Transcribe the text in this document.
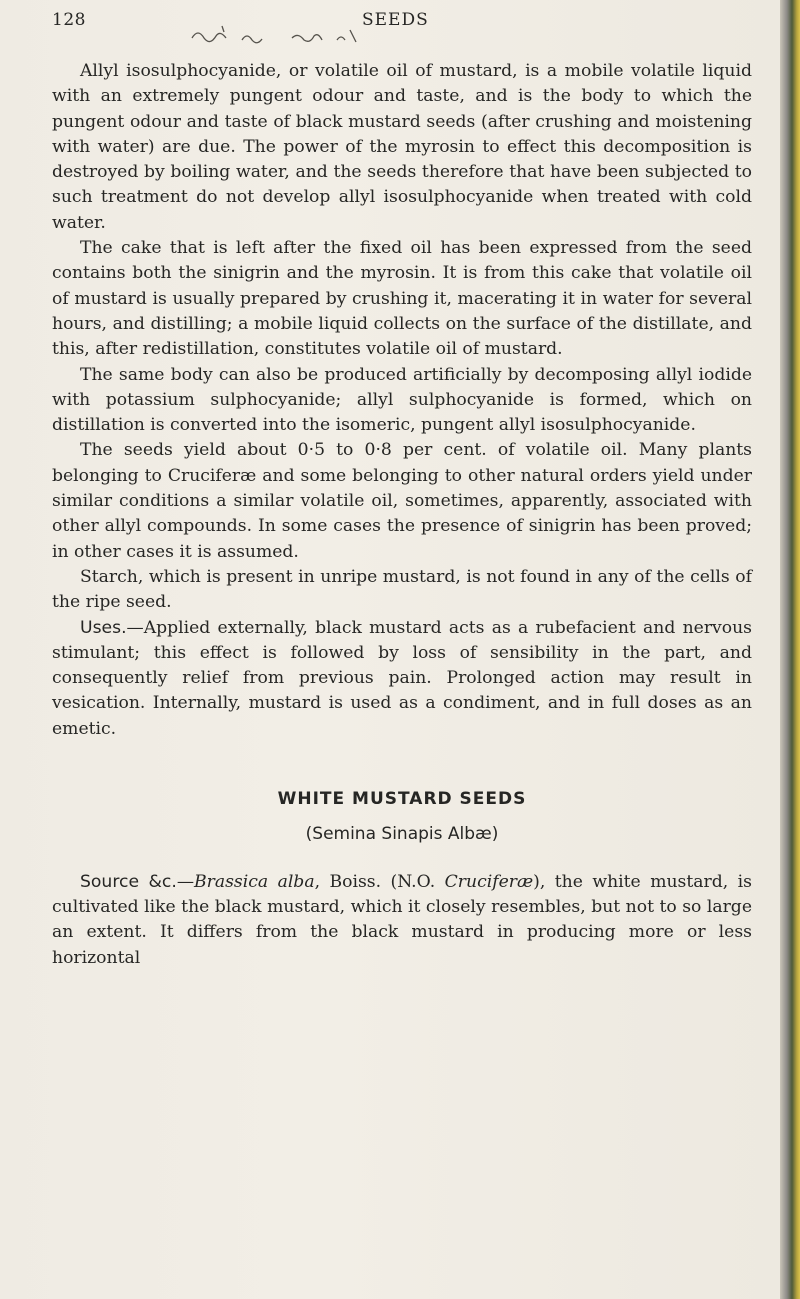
128	SEEDS

Allyl isosulphocyanide, or volatile oil of mustard, is a mobile volatile liquid with an extremely pungent odour and taste, and is the body to which the pungent odour and taste of black mustard seeds (after crushing and moistening with water) are due. The power of the myrosin to effect this decomposition is destroyed by boiling water, and the seeds therefore that have been subjected to such treatment do not develop allyl isosulphocyanide when treated with cold water.

The cake that is left after the fixed oil has been expressed from the seed contains both the sinigrin and the myrosin. It is from this cake that volatile oil of mustard is usually prepared by crushing it, macerating it in water for several hours, and distilling; a mobile liquid collects on the surface of the distillate, and this, after redistillation, constitutes volatile oil of mustard.

The same body can also be produced artificially by decomposing allyl iodide with potassium sulphocyanide; allyl sulphocyanide is formed, which on distillation is converted into the isomeric, pungent allyl isosulphocyanide.

The seeds yield about 0·5 to 0·8 per cent. of volatile oil. Many plants belonging to Cruciferæ and some belonging to other natural orders yield under similar conditions a similar volatile oil, sometimes, apparently, associated with other allyl compounds. In some cases the presence of sinigrin has been proved; in other cases it is assumed.

Starch, which is present in unripe mustard, is not found in any of the cells of the ripe seed.

Uses.—Applied externally, black mustard acts as a rubefacient and nervous stimulant; this effect is followed by loss of sensibility in the part, and consequently relief from previous pain. Prolonged action may result in vesication. Internally, mustard is used as a condiment, and in full doses as an emetic.

WHITE MUSTARD SEEDS

(Semina Sinapis Albæ)

Source &c.—Brassica alba, Boiss. (N.O. Cruciferæ), the white mustard, is cultivated like the black mustard, which it closely resembles, but not to so large an extent. It differs from the black mustard in producing more or less horizontal
